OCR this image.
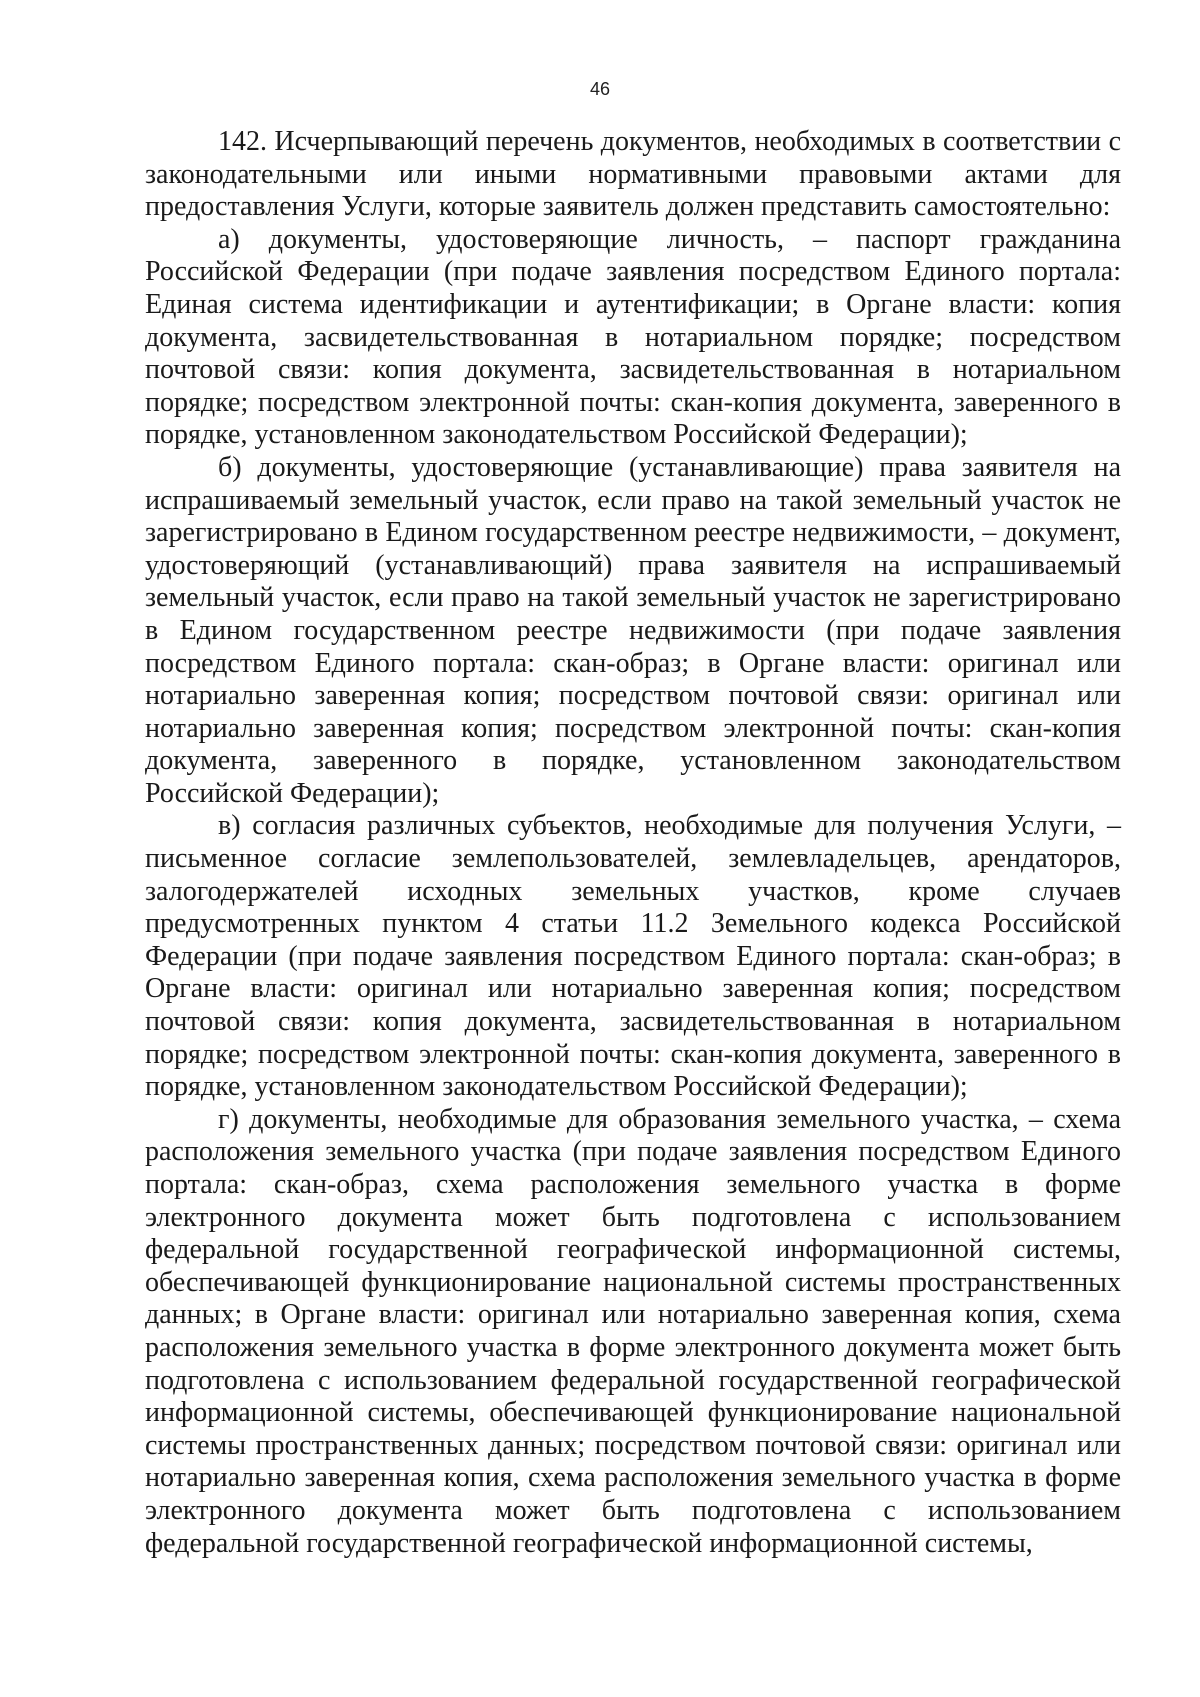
46

142. Исчерпывающий перечень документов, необходимых в соответствии с законодательными или иными нормативными правовыми актами для предоставления Услуги, которые заявитель должен представить самостоятельно:

а) документы, удостоверяющие личность, – паспорт гражданина Российской Федерации (при подаче заявления посредством Единого портала: Единая система идентификации и аутентификации; в Органе власти: копия документа, засвидетельствованная в нотариальном порядке; посредством почтовой связи: копия документа, засвидетельствованная в нотариальном порядке; посредством электронной почты: скан-копия документа, заверенного в порядке, установленном законодательством Российской Федерации);

б) документы, удостоверяющие (устанавливающие) права заявителя на испрашиваемый земельный участок, если право на такой земельный участок не зарегистрировано в Едином государственном реестре недвижимости, – документ, удостоверяющий (устанавливающий) права заявителя на испрашиваемый земельный участок, если право на такой земельный участок не зарегистрировано в Едином государственном реестре недвижимости (при подаче заявления посредством Единого портала: скан-образ; в Органе власти: оригинал или нотариально заверенная копия; посредством почтовой связи: оригинал или нотариально заверенная копия; посредством электронной почты: скан-копия документа, заверенного в порядке, установленном законодательством Российской Федерации);

в) согласия различных субъектов, необходимые для получения Услуги, – письменное согласие землепользователей, землевладельцев, арендаторов, залогодержателей исходных земельных участков, кроме случаев предусмотренных пунктом 4 статьи 11.2 Земельного кодекса Российской Федерации (при подаче заявления посредством Единого портала: скан-образ; в Органе власти: оригинал или нотариально заверенная копия; посредством почтовой связи: копия документа, засвидетельствованная в нотариальном порядке; посредством электронной почты: скан-копия документа, заверенного в порядке, установленном законодательством Российской Федерации);

г) документы, необходимые для образования земельного участка, – схема расположения земельного участка (при подаче заявления посредством Единого портала: скан-образ, схема расположения земельного участка в форме электронного документа может быть подготовлена с использованием федеральной государственной географической информационной системы, обеспечивающей функционирование национальной системы пространственных данных; в Органе власти: оригинал или нотариально заверенная копия, схема расположения земельного участка в форме электронного документа может быть подготовлена с использованием федеральной государственной географической информационной системы, обеспечивающей функционирование национальной системы пространственных данных; посредством почтовой связи: оригинал или нотариально заверенная копия, схема расположения земельного участка в форме электронного документа может быть подготовлена с использованием федеральной государственной географической информационной системы,
